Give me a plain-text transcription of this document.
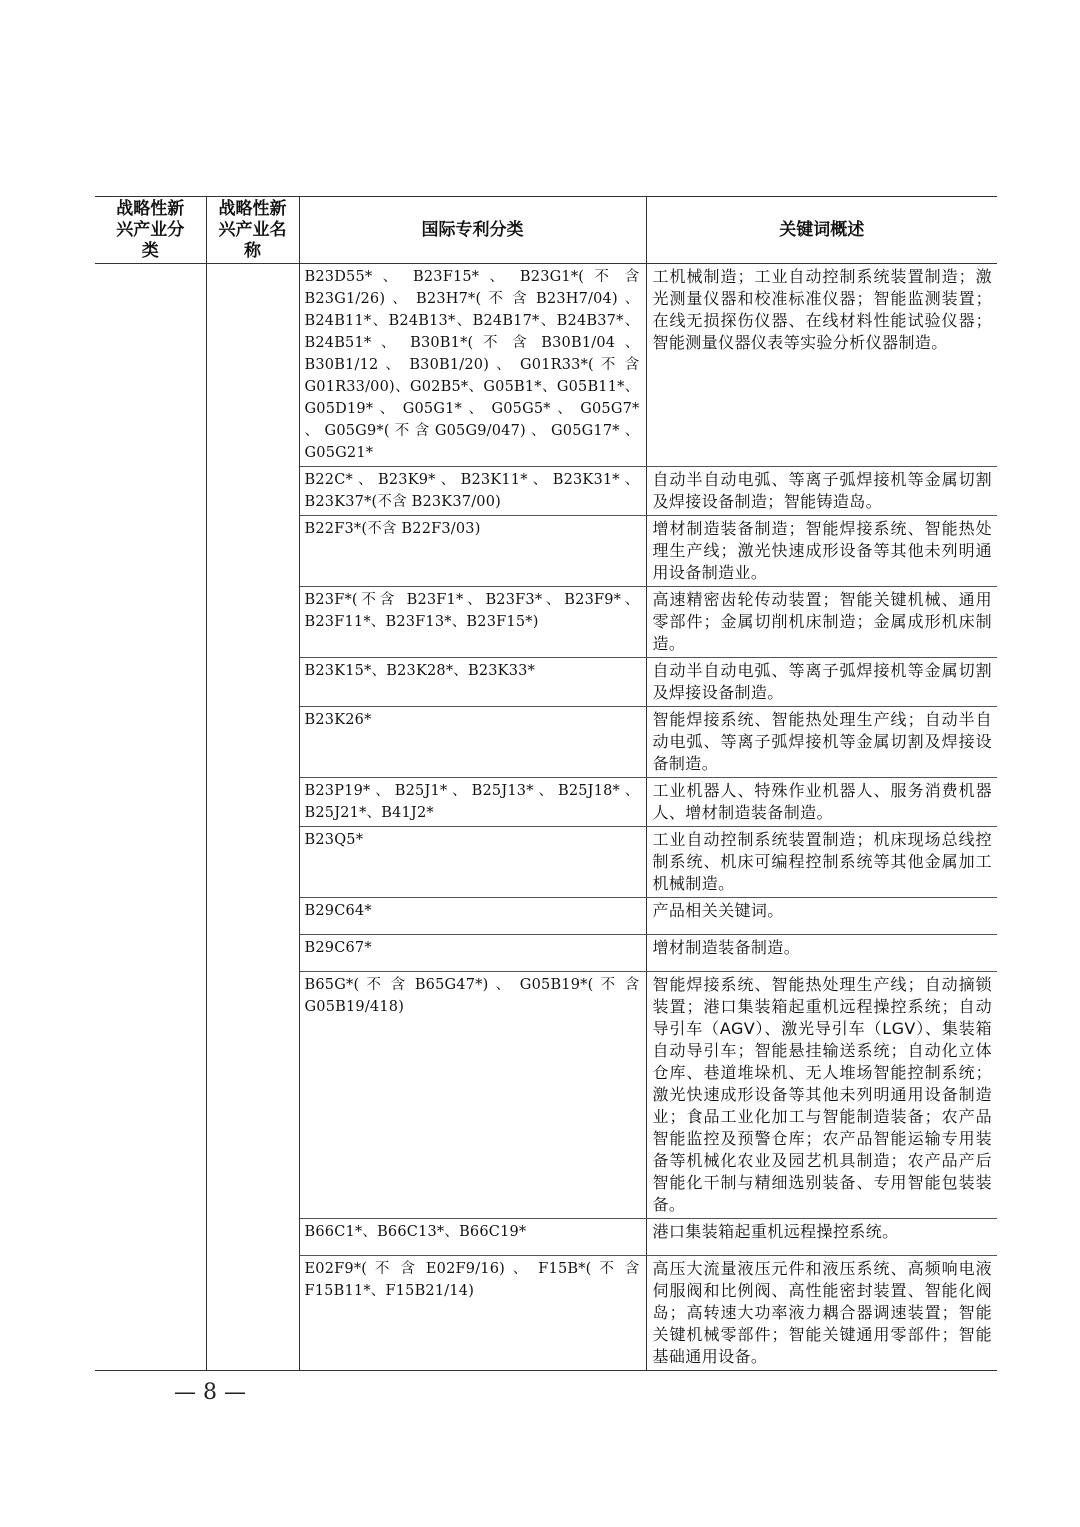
战略性新兴产业分类	战略性新兴产业名称	国际专利分类	关键词概述
		B23D55* 、 B23F15* 、 B23G1*( 不 含 B23G1/26) 、 B23H7*( 不 含 B23H7/04) 、 B24B11*、B24B13*、B24B17*、B24B37*、B24B51* 、 B30B1*( 不 含 B30B1/04 、 B30B1/12 、 B30B1/20) 、 G01R33*( 不 含 G01R33/00)、G02B5*、G05B1*、G05B11*、G05D19* 、 G05G1* 、 G05G5* 、 G05G7* 、 G05G9*( 不 含 G05G9/047) 、 G05G17* 、 G05G21*	工机械制造；工业自动控制系统装置制造；激光测量仪器和校准标准仪器；智能监测装置；在线无损探伤仪器、在线材料性能试验仪器；智能测量仪器仪表等实验分析仪器制造。
		B22C* 、 B23K9* 、 B23K11* 、 B23K31* 、 B23K37*(不含 B23K37/00)	自动半自动电弧、等离子弧焊接机等金属切割及焊接设备制造；智能铸造岛。
		B22F3*(不含 B22F3/03)	增材制造装备制造；智能焊接系统、智能热处理生产线；激光快速成形设备等其他未列明通用设备制造业。
		B23F*(不含 B23F1*、B23F3*、B23F9*、B23F11*、B23F13*、B23F15*)	高速精密齿轮传动装置；智能关键机械、通用零部件；金属切削机床制造；金属成形机床制造。
		B23K15*、B23K28*、B23K33*	自动半自动电弧、等离子弧焊接机等金属切割及焊接设备制造。
		B23K26*	智能焊接系统、智能热处理生产线；自动半自动电弧、等离子弧焊接机等金属切割及焊接设备制造。
		B23P19*、B25J1*、B25J13*、B25J18*、B25J21*、B41J2*	工业机器人、特殊作业机器人、服务消费机器人、增材制造装备制造。
		B23Q5*	工业自动控制系统装置制造；机床现场总线控制系统、机床可编程控制系统等其他金属加工机械制造。
		B29C64*	产品相关关键词。
		B29C67*	增材制造装备制造。
		B65G*( 不 含 B65G47*) 、 G05B19*( 不 含 G05B19/418)	智能焊接系统、智能热处理生产线；自动摘锁装置；港口集装箱起重机远程操控系统；自动导引车（AGV）、激光导引车（LGV）、集装箱自动导引车；智能悬挂输送系统；自动化立体仓库、巷道堆垛机、无人堆场智能控制系统；激光快速成形设备等其他未列明通用设备制造业；食品工业化加工与智能制造装备；农产品智能监控及预警仓库；农产品智能运输专用装备等机械化农业及园艺机具制造；农产品产后智能化干制与精细选别装备、专用智能包装装备。
		B66C1*、B66C13*、B66C19*	港口集装箱起重机远程操控系统。
		E02F9*( 不 含 E02F9/16) 、 F15B*( 不 含 F15B11*、F15B21/14)	高压大流量液压元件和液压系统、高频响电液伺服阀和比例阀、高性能密封装置、智能化阀岛；高转速大功率液力耦合器调速装置；智能关键机械零部件；智能关键通用零部件；智能基础通用设备。
— 8 —
